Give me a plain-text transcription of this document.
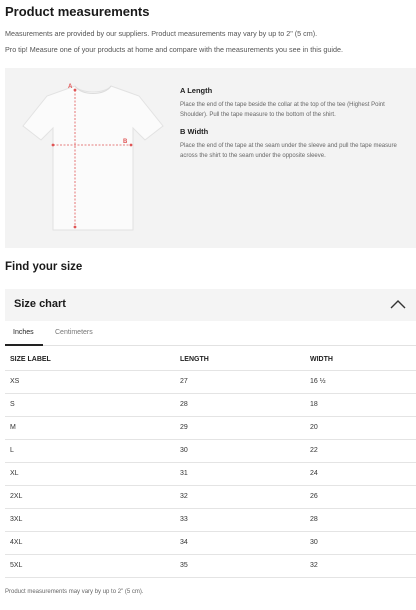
Product measurements
Measurements are provided by our suppliers. Product measurements may vary by up to 2" (5 cm).
Pro tip! Measure one of your products at home and compare with the measurements you see in this guide.
A
B
A Length
Place the end of the tape beside the collar at the top of the tee (Highest Point Shoulder). Pull the tape measure to the bottom of the shirt.
B Width
Place the end of the tape at the seam under the sleeve and pull the tape measure across the shirt to the seam under the opposite sleeve.
Find your size
Size chart
Inches	Centimeters
SIZE LABEL	LENGTH	WIDTH
XS	27	16 ½
S	28	18
M	29	20
L	30	22
XL	31	24
2XL	32	26
3XL	33	28
4XL	34	30
5XL	35	32
Product measurements may vary by up to 2" (5 cm).
